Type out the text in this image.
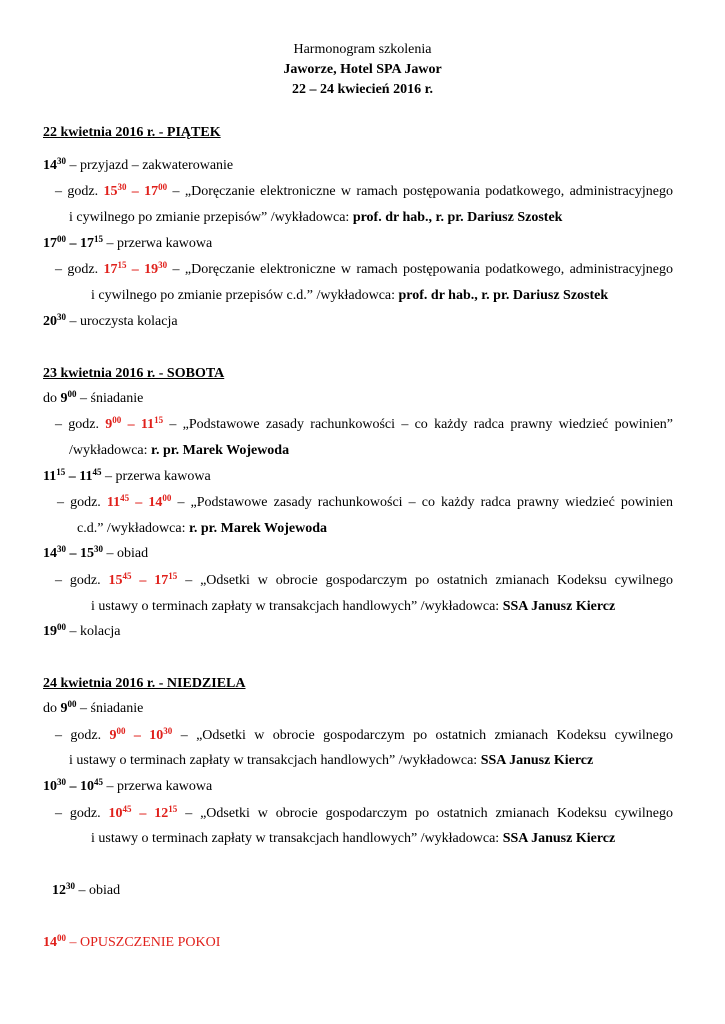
Harmonogram szkolenia
Jaworze, Hotel SPA Jawor
22 – 24 kwiecień 2016 r.
22 kwietnia 2016 r. - PIĄTEK
$14^{30}$ – przyjazd – zakwaterowanie
– godz. $15^{30} - 17^{00}$ – „Doręczanie elektroniczne w ramach postępowania podatkowego, administracyjnego
i cywilnego po zmianie przepisów” /wykładowca: prof. dr hab., r. pr. Dariusz Szostek
$17^{00} - 17^{15}$ – przerwa kawowa
– godz. $17^{15} - 19^{30}$ – „Doręczanie elektroniczne w ramach postępowania podatkowego, administracyjnego
i cywilnego po zmianie przepisów c.d.” /wykładowca: prof. dr hab., r. pr. Dariusz Szostek
$20^{30}$ – uroczysta kolacja
23 kwietnia 2016 r. - SOBOTA
do $9^{00}$ – śniadanie
– godz. $9^{00} - 11^{15}$ – „Podstawowe zasady rachunkowości – co każdy radca prawny wiedzieć powinien”
/wykładowca: r. pr. Marek Wojewoda
$11^{15} - 11^{45}$ – przerwa kawowa
– godz. $11^{45} - 14^{00}$ – „Podstawowe zasady rachunkowości – co każdy radca prawny wiedzieć powinien
c.d.” /wykładowca: r. pr. Marek Wojewoda
$14^{30} - 15^{30}$ – obiad
– godz. $15^{45} - 17^{15}$ – „Odsetki w obrocie gospodarczym po ostatnich zmianach Kodeksu cywilnego
i ustawy o terminach zapłaty w transakcjach handlowych” /wykładowca: SSA Janusz Kiercz
$19^{00}$ – kolacja
24 kwietnia 2016 r. - NIEDZIELA
do $9^{00}$ – śniadanie
– godz. $9^{00} - 10^{30}$ – „Odsetki w obrocie gospodarczym po ostatnich zmianach Kodeksu cywilnego
i ustawy o terminach zapłaty w transakcjach handlowych” /wykładowca: SSA Janusz Kiercz
$10^{30} - 10^{45}$ – przerwa kawowa
– godz. $10^{45} - 12^{15}$ – „Odsetki w obrocie gospodarczym po ostatnich zmianach Kodeksu cywilnego
i ustawy o terminach zapłaty w transakcjach handlowych” /wykładowca: SSA Janusz Kiercz
$12^{30}$ – obiad
$14^{00}$ – OPUSZCZENIE POKOI
